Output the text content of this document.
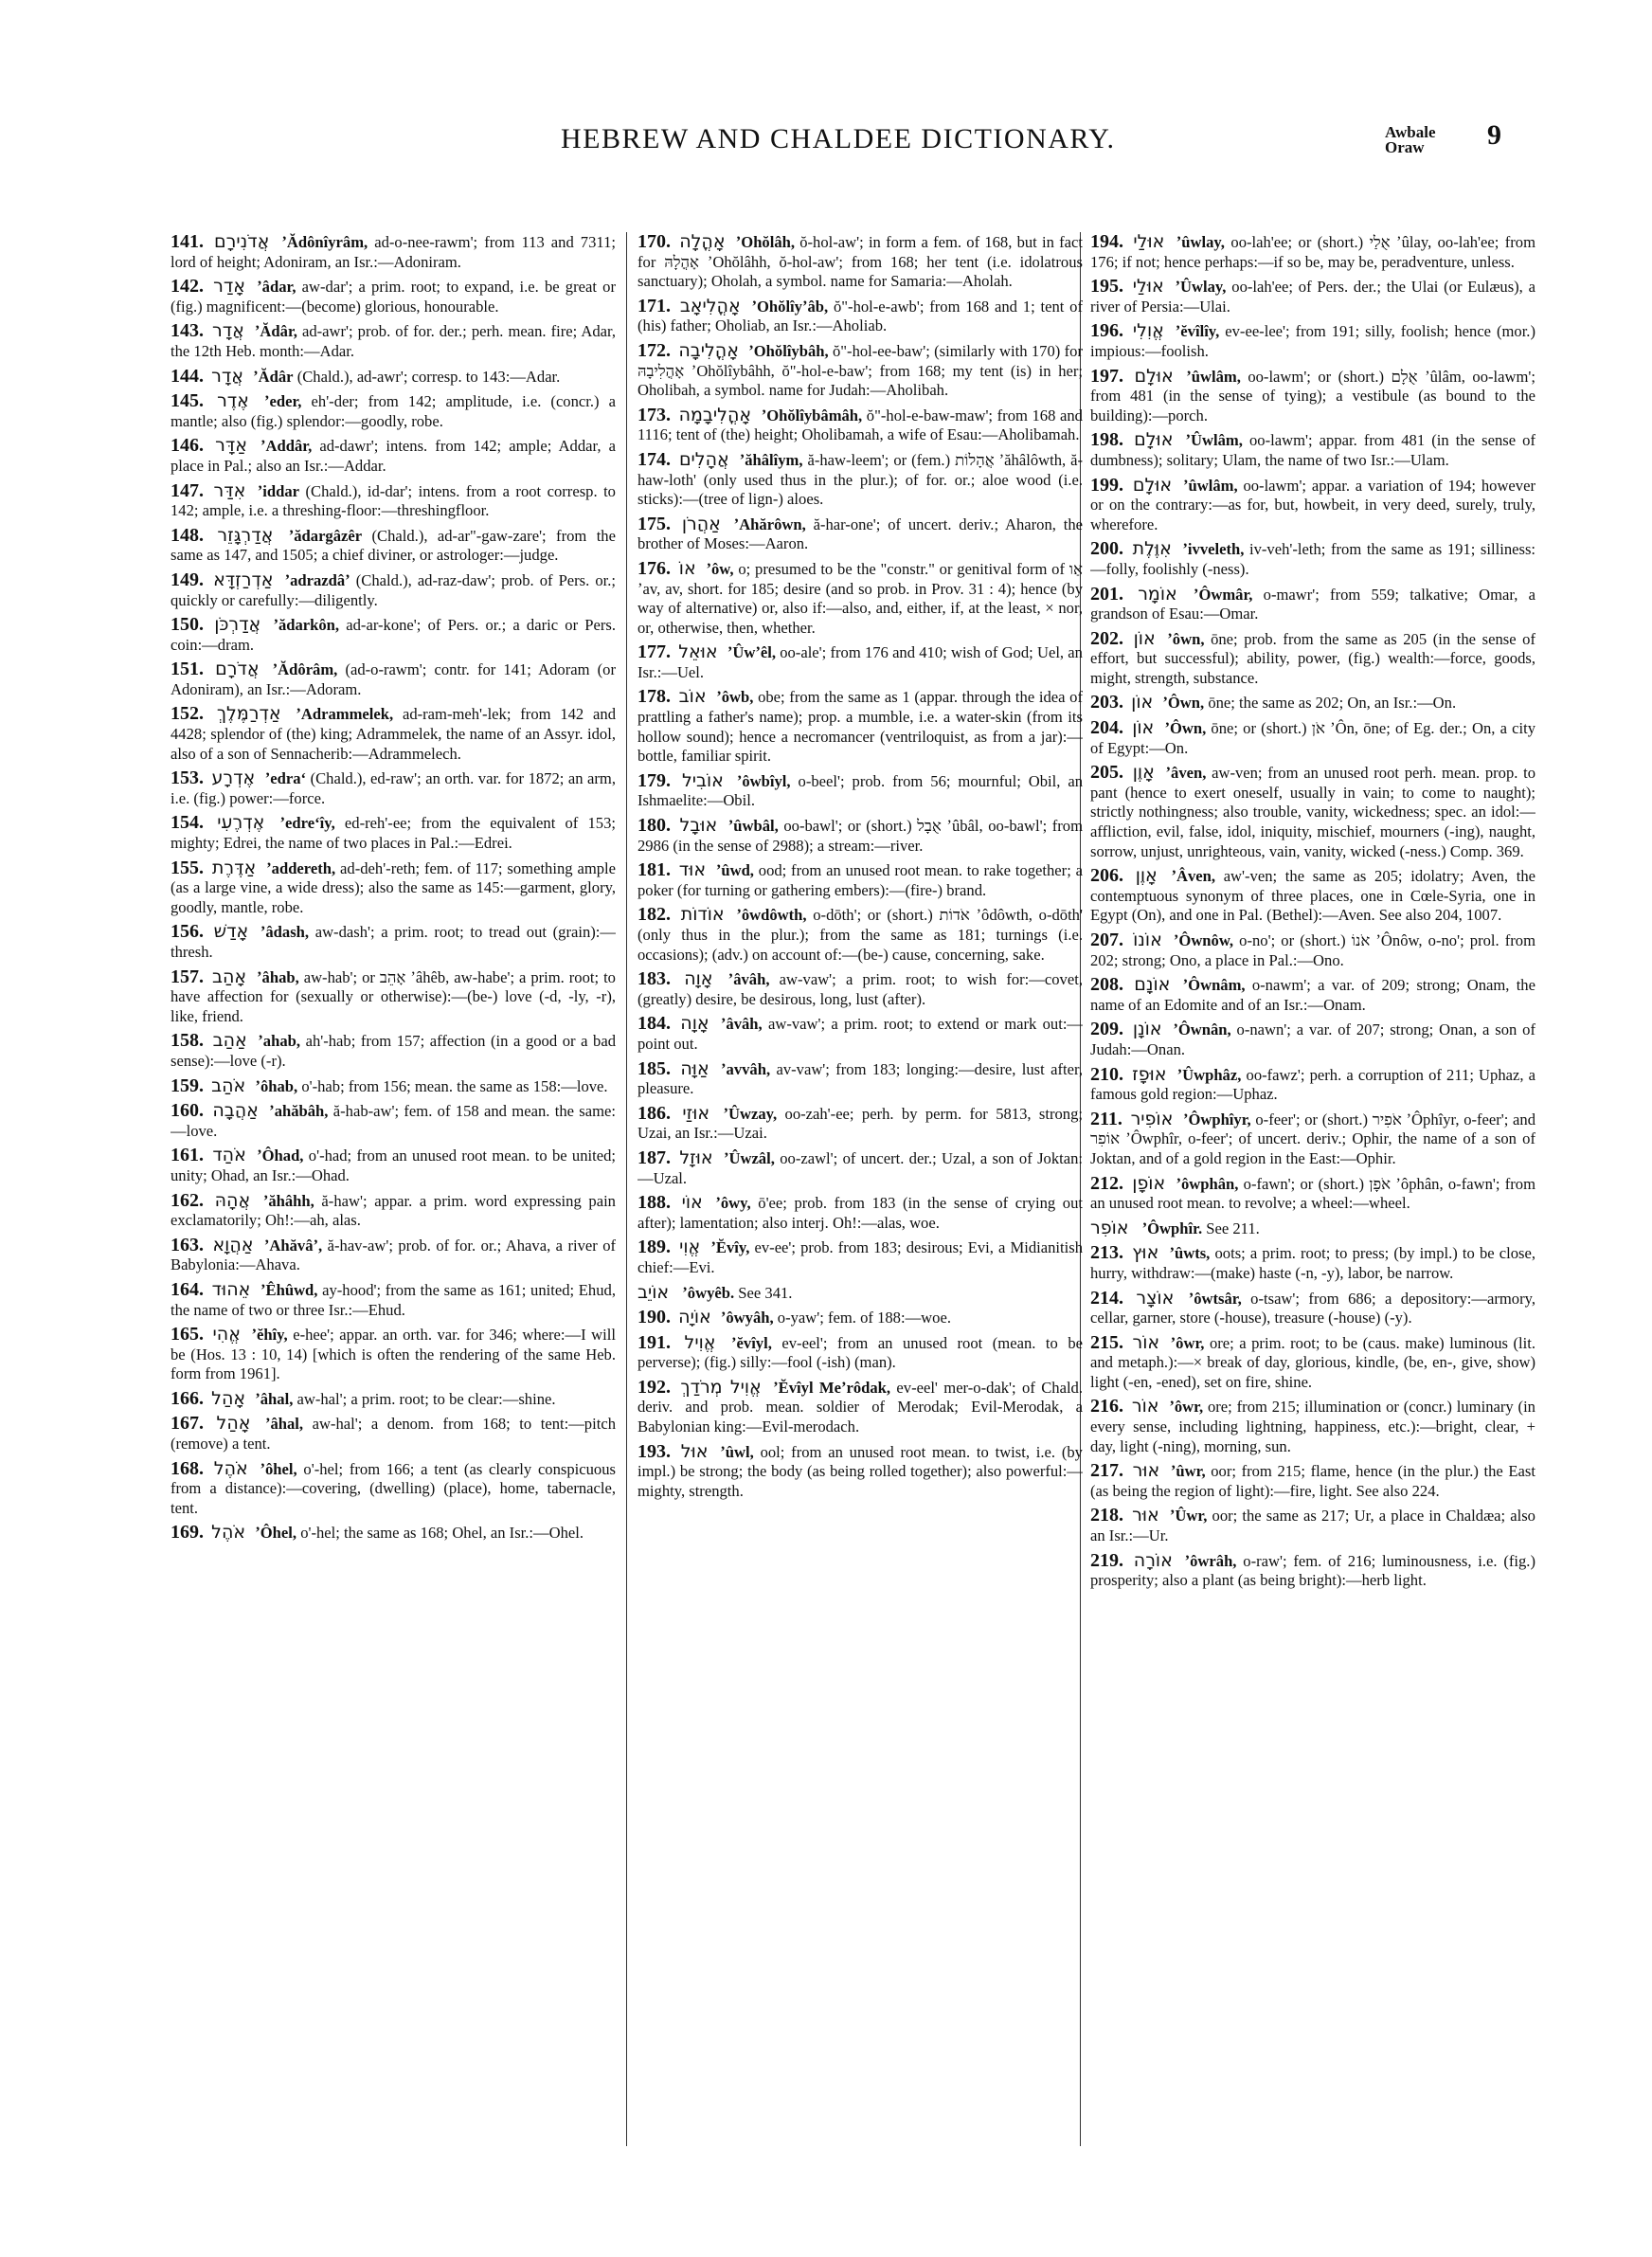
HEBREW AND CHALDEE DICTIONARY.	Awbale
Oraw	9
141. אֲדֹנִירָם ʼĂdônîyrâm, ad-o-nee-rawm'; from 113 and 7311; lord of height; Adoniram, an Isr.:—Adoniram.
142. אָדַר ʼâdar, aw-dar'; a prim. root; to expand, i.e. be great or (fig.) magnificent:—(become) glorious, honourable.
143. אֲדָר ʼĂdâr, ad-awr'; prob. of for. der.; perh. mean. fire; Adar, the 12th Heb. month:—Adar.
144. אֲדָר ʼĂdâr (Chald.), ad-awr'; corresp. to 143:—Adar.
145. אֶדֶר ʼeder, eh'-der; from 142; amplitude, i.e. (concr.) a mantle; also (fig.) splendor:—goodly, robe.
146. אַדָּר ʼAddâr, ad-dawr'; intens. from 142; ample; Addar, a place in Pal.; also an Isr.:—Addar.
147. אִדַּר ʼiddar (Chald.), id-dar'; intens. from a root corresp. to 142; ample, i.e. a threshing-floor:—threshingfloor.
148. אֲדַרְגָּזֵר ʼădargâzêr (Chald.), ad-ar"-gaw-zare'; from the same as 147, and 1505; a chief diviner, or astrologer:—judge.
149. אַדְרַזְדָּא ʼadrazdâʼ (Chald.), ad-raz-daw'; prob. of Pers. or.; quickly or carefully:—diligently.
150. אֲדַרְכֹּן ʼădarkôn, ad-ar-kone'; of Pers. or.; a daric or Pers. coin:—dram.
151. אֲדֹרָם ʼĂdôrâm, (ad-o-rawm'; contr. for 141; Adoram (or Adoniram), an Isr.:—Adoram.
152. אַדְרַמֶּלֶךְ ʼAdrammelek, ad-ram-meh'-lek; from 142 and 4428; splendor of (the) king; Adrammelek, the name of an Assyr. idol, also of a son of Sennacherib:—Adrammelech.
153. אֶדְרָע ʼedraʻ (Chald.), ed-raw'; an orth. var. for 1872; an arm, i.e. (fig.) power:—force.
154. אֶדְרֶעִי ʼedreʻîy, ed-reh'-ee; from the equivalent of 153; mighty; Edrei, the name of two places in Pal.:—Edrei.
155. אַדֶּרֶת ʼaddereth, ad-deh'-reth; fem. of 117; something ample (as a large vine, a wide dress); also the same as 145:—garment, glory, goodly, mantle, robe.
156. אָדַשׁ ʼâdash, aw-dash'; a prim. root; to tread out (grain):—thresh.
157. אָהַב ʼâhab, aw-hab'; or אָהֵב ʼâhêb, aw-habe'; a prim. root; to have affection for (sexually or otherwise):—(be-) love (-d, -ly, -r), like, friend.
158. אַהַב ʼahab, ah'-hab; from 157; affection (in a good or a bad sense):—love (-r).
159. אֹהַב ʼôhab, o'-hab; from 156; mean. the same as 158:—love.
160. אַהֲבָה ʼahăbâh, ă-hab-aw'; fem. of 158 and mean. the same:—love.
161. אֹהַד ʼÔhad, o'-had; from an unused root mean. to be united; unity; Ohad, an Isr.:—Ohad.
162. אֲהָהּ ʼăhâhh, ă-haw'; appar. a prim. word expressing pain exclamatorily; Oh!:—ah, alas.
163. אַהֲוָא ʼAhăvâʼ, ă-hav-aw'; prob. of for. or.; Ahava, a river of Babylonia:—Ahava.
164. אֵהוּד ʼÊhûwd, ay-hood'; from the same as 161; united; Ehud, the name of two or three Isr.:—Ehud.
165. אֱהִי ʼĕhîy, e-hee'; appar. an orth. var. for 346; where:—I will be (Hos. 13 : 10, 14) [which is often the rendering of the same Heb. form from 1961].
166. אָהַל ʼâhal, aw-hal'; a prim. root; to be clear:—shine.
167. אָהַל ʼâhal, aw-hal'; a denom. from 168; to tent:—pitch (remove) a tent.
168. אֹהֶל ʼôhel, o'-hel; from 166; a tent (as clearly conspicuous from a distance):—covering, (dwelling) (place), home, tabernacle, tent.
169. אֹהֶל ʼÔhel, o'-hel; the same as 168; Ohel, an Isr.:—Ohel.
170. אָהֳלָה ʼOhŏlâh, ŏ-hol-aw'; in form a fem. of 168, but in fact for אָהֳלָהּ ʼOhŏlâhh, ŏ-hol-aw'; from 168; her tent (i.e. idolatrous sanctuary); Oholah, a symbol. name for Samaria:—Aholah.
171. אָהֳלִיאָב ʼOhŏlîyʼâb, ŏ"-hol-e-awb'; from 168 and 1; tent of (his) father; Oholiab, an Isr.:—Aholiab.
172. אָהֳלִיבָה ʼOhŏlîybâh, ŏ"-hol-ee-baw'; (similarly with 170) for אָהֳלִיבָהּ ʼOhŏlîybâhh, ŏ"-hol-e-baw'; from 168; my tent (is) in her; Oholibah, a symbol. name for Judah:—Aholibah.
173. אָהֳלִיבָמָה ʼOhŏlîybâmâh, ŏ"-hol-e-baw-maw'; from 168 and 1116; tent of (the) height; Oholibamah, a wife of Esau:—Aholibamah.
174. אֲהָלִים ʼăhâlîym, ă-haw-leem'; or (fem.) אֲהָלוֹת ʼăhâlôwth, ă-haw-loth' (only used thus in the plur.); of for. or.; aloe wood (i.e. sticks):—(tree of lign-) aloes.
175. אַהֲרֹן ʼAhărôwn, ă-har-one'; of uncert. deriv.; Aharon, the brother of Moses:—Aaron.
176. אוֹ ʼôw, o; presumed to be the "constr." or genitival form of אַו ʼav, av, short. for 185; desire (and so prob. in Prov. 31 : 4); hence (by way of alternative) or, also if:—also, and, either, if, at the least, × nor, or, otherwise, then, whether.
177. אוּאֵל ʼÛwʼêl, oo-ale'; from 176 and 410; wish of God; Uel, an Isr.:—Uel.
178. אוֹב ʼôwb, obe; from the same as 1 (appar. through the idea of prattling a father's name); prop. a mumble, i.e. a water-skin (from its hollow sound); hence a necromancer (ventriloquist, as from a jar):—bottle, familiar spirit.
179. אוֹבִיל ʼôwbîyl, o-beel'; prob. from 56; mournful; Obil, an Ishmaelite:—Obil.
180. אוּבָל ʼûwbâl, oo-bawl'; or (short.) אֻבָל ʼûbâl, oo-bawl'; from 2986 (in the sense of 2988); a stream:—river.
181. אוּד ʼûwd, ood; from an unused root mean. to rake together; a poker (for turning or gathering embers):—(fire-) brand.
182. אוֹדוֹת ʼôwdôwth, o-dōth'; or (short.) אֹדוֹת ʼôdôwth, o-dōth' (only thus in the plur.); from the same as 181; turnings (i.e. occasions); (adv.) on account of:—(be-) cause, concerning, sake.
183. אָוָה ʼâvâh, aw-vaw'; a prim. root; to wish for:—covet, (greatly) desire, be desirous, long, lust (after).
184. אָוָה ʼâvâh, aw-vaw'; a prim. root; to extend or mark out:—point out.
185. אַוָּה ʼavvâh, av-vaw'; from 183; longing:—desire, lust after, pleasure.
186. אוּזַי ʼÛwzay, oo-zah'-ee; perh. by perm. for 5813, strong; Uzai, an Isr.:—Uzai.
187. אוּזָל ʼÛwzâl, oo-zawl'; of uncert. der.; Uzal, a son of Joktan:—Uzal.
188. אוֹי ʼôwy, ō'ee; prob. from 183 (in the sense of crying out after); lamentation; also interj. Oh!:—alas, woe.
189. אֱוִי ʼĔvîy, ev-ee'; prob. from 183; desirous; Evi, a Midianitish chief:—Evi.
אוֹיֵב ʼôwyêb. See 341.
190. אוֹיָה ʼôwyâh, o-yaw'; fem. of 188:—woe.
191. אֱוִיל ʼĕvîyl, ev-eel'; from an unused root (mean. to be perverse); (fig.) silly:—fool (-ish) (man).
192. אֱוִיל מְרֹדַךְ ʼĔvîyl Meʼrôdak, ev-eel' mer-o-dak'; of Chald. deriv. and prob. mean. soldier of Merodak; Evil-Merodak, a Babylonian king:—Evil-merodach.
193. אוּל ʼûwl, ool; from an unused root mean. to twist, i.e. (by impl.) be strong; the body (as being rolled together); also powerful:—mighty, strength.
194. אוּלַי ʼûwlay, oo-lah'ee; or (short.) אֻלַי ʼûlay, oo-lah'ee; from 176; if not; hence perhaps:—if so be, may be, peradventure, unless.
195. אוּלַי ʼÛwlay, oo-lah'ee; of Pers. der.; the Ulai (or Eulæus), a river of Persia:—Ulai.
196. אֱוִלִי ʼĕvîlîy, ev-ee-lee'; from 191; silly, foolish; hence (mor.) impious:—foolish.
197. אוּלָם ʼûwlâm, oo-lawm'; or (short.) אֻלָם ʼûlâm, oo-lawm'; from 481 (in the sense of tying); a vestibule (as bound to the building):—porch.
198. אוּלָם ʼÛwlâm, oo-lawm'; appar. from 481 (in the sense of dumbness); solitary; Ulam, the name of two Isr.:—Ulam.
199. אוּלָם ʼûwlâm, oo-lawm'; appar. a variation of 194; however or on the contrary:—as for, but, howbeit, in very deed, surely, truly, wherefore.
200. אִוֶּלֶת ʼivveleth, iv-veh'-leth; from the same as 191; silliness:—folly, foolishly (-ness).
201. אוֹמָר ʼÔwmâr, o-mawr'; from 559; talkative; Omar, a grandson of Esau:—Omar.
202. אוֹן ʼôwn, ōne; prob. from the same as 205 (in the sense of effort, but successful); ability, power, (fig.) wealth:—force, goods, might, strength, substance.
203. אוֹן ʼÔwn, ōne; the same as 202; On, an Isr.:—On.
204. אוֹן ʼÔwn, ōne; or (short.) אֹן ʼÔn, ōne; of Eg. der.; On, a city of Egypt:—On.
205. אָוֶן ʼâven, aw-ven; from an unused root perh. mean. prop. to pant (hence to exert oneself, usually in vain; to come to naught); strictly nothingness; also trouble, vanity, wickedness; spec. an idol:—affliction, evil, false, idol, iniquity, mischief, mourners (-ing), naught, sorrow, unjust, unrighteous, vain, vanity, wicked (-ness.) Comp. 369.
206. אָוֶן ʼÂven, aw'-ven; the same as 205; idolatry; Aven, the contemptuous synonym of three places, one in Cœle-Syria, one in Egypt (On), and one in Pal. (Bethel):—Aven. See also 204, 1007.
207. אוֹנוֹ ʼÔwnôw, o-no'; or (short.) אֹנוֹ ʼÔnôw, o-no'; prol. from 202; strong; Ono, a place in Pal.:—Ono.
208. אוֹנָם ʼÔwnâm, o-nawm'; a var. of 209; strong; Onam, the name of an Edomite and of an Isr.:—Onam.
209. אוֹנָן ʼÔwnân, o-nawn'; a var. of 207; strong; Onan, a son of Judah:—Onan.
210. אוּפָז ʼÛwphâz, oo-fawz'; perh. a corruption of 211; Uphaz, a famous gold region:—Uphaz.
211. אוֹפִיר ʼÔwphîyr, o-feer'; or (short.) אֹפִיר ʼÔphîyr, o-feer'; and אוֹפִר ʼÔwphîr, o-feer'; of uncert. deriv.; Ophir, the name of a son of Joktan, and of a gold region in the East:—Ophir.
212. אוֹפָן ʼôwphân, o-fawn'; or (short.) אֹפָן ʼôphân, o-fawn'; from an unused root mean. to revolve; a wheel:—wheel.
אוֹפִר ʼÔwphîr. See 211.
213. אוּץ ʼûwts, oots; a prim. root; to press; (by impl.) to be close, hurry, withdraw:—(make) haste (-n, -y), labor, be narrow.
214. אוֹצָר ʼôwtsâr, o-tsaw'; from 686; a depository:—armory, cellar, garner, store (-house), treasure (-house) (-y).
215. אוֹר ʼôwr, ore; a prim. root; to be (caus. make) luminous (lit. and metaph.):—× break of day, glorious, kindle, (be, en-, give, show) light (-en, -ened), set on fire, shine.
216. אוֹר ʼôwr, ore; from 215; illumination or (concr.) luminary (in every sense, including lightning, happiness, etc.):—bright, clear, + day, light (-ning), morning, sun.
217. אוּר ʼûwr, oor; from 215; flame, hence (in the plur.) the East (as being the region of light):—fire, light. See also 224.
218. אוּר ʼÛwr, oor; the same as 217; Ur, a place in Chaldæa; also an Isr.:—Ur.
219. אוֹרָה ʼôwrâh, o-raw'; fem. of 216; luminousness, i.e. (fig.) prosperity; also a plant (as being bright):—herb light.
